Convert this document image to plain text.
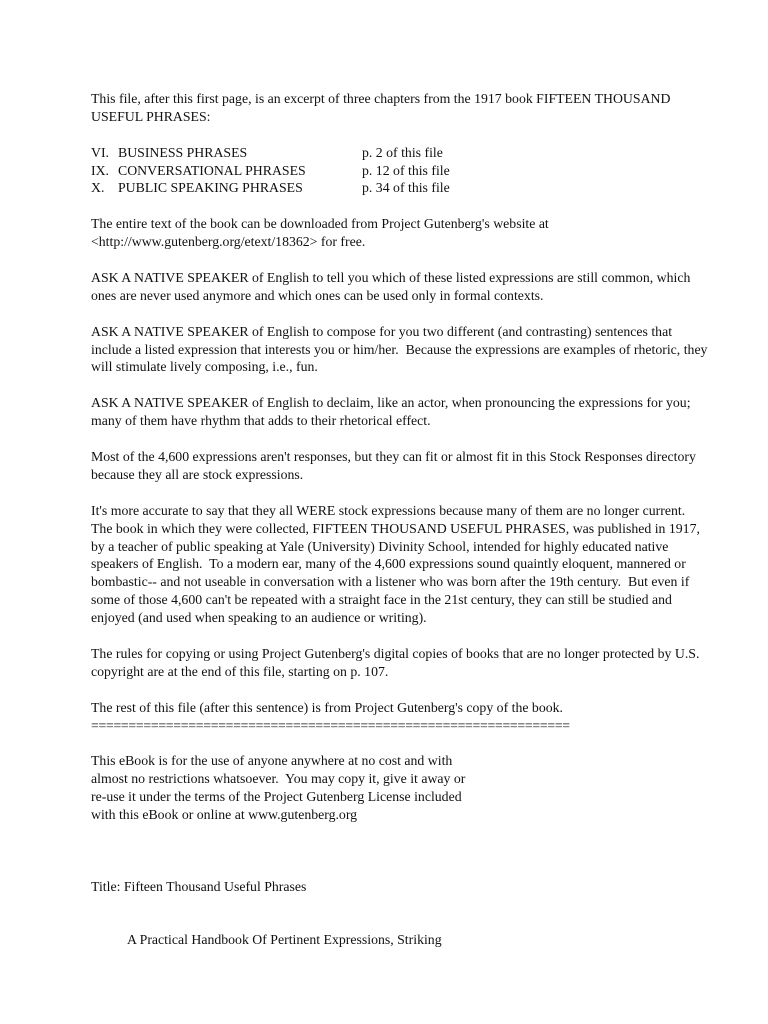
This file, after this first page, is an excerpt of three chapters from the 1917 book FIFTEEN THOUSAND USEFUL PHRASES:

VI. BUSINESS PHRASES	p. 2 of this file
IX. CONVERSATIONAL PHRASES	p. 12 of this file
X. PUBLIC SPEAKING PHRASES	p. 34 of this file

The entire text of the book can be downloaded from Project Gutenberg's website at <http://www.gutenberg.org/etext/18362> for free.

ASK A NATIVE SPEAKER of English to tell you which of these listed expressions are still common, which ones are never used anymore and which ones can be used only in formal contexts.

ASK A NATIVE SPEAKER of English to compose for you two different (and contrasting) sentences that include a listed expression that interests you or him/her.  Because the expressions are examples of rhetoric, they will stimulate lively composing, i.e., fun.

ASK A NATIVE SPEAKER of English to declaim, like an actor, when pronouncing the expressions for you; many of them have rhythm that adds to their rhetorical effect.

Most of the 4,600 expressions aren't responses, but they can fit or almost fit in this Stock Responses directory because they all are stock expressions.

It's more accurate to say that they all WERE stock expressions because many of them are no longer current.  The book in which they were collected, FIFTEEN THOUSAND USEFUL PHRASES, was published in 1917, by a teacher of public speaking at Yale (University) Divinity School, intended for highly educated native speakers of English.  To a modern ear, many of the 4,600 expressions sound quaintly eloquent, mannered or bombastic-- and not useable in conversation with a listener who was born after the 19th century.  But even if some of those 4,600 can't be repeated with a straight face in the 21st century, they can still be studied and enjoyed (and used when speaking to an audience or writing).

The rules for copying or using Project Gutenberg's digital copies of books that are no longer protected by U.S. copyright are at the end of this file, starting on p. 107.

The rest of this file (after this sentence) is from Project Gutenberg's copy of the book.

================================================================
This eBook is for the use of anyone anywhere at no cost and with
almost no restrictions whatsoever.  You may copy it, give it away or
re-use it under the terms of the Project Gutenberg License included
with this eBook or online at www.gutenberg.org

Title: Fifteen Thousand Useful Phrases

A Practical Handbook Of Pertinent Expressions, Striking
